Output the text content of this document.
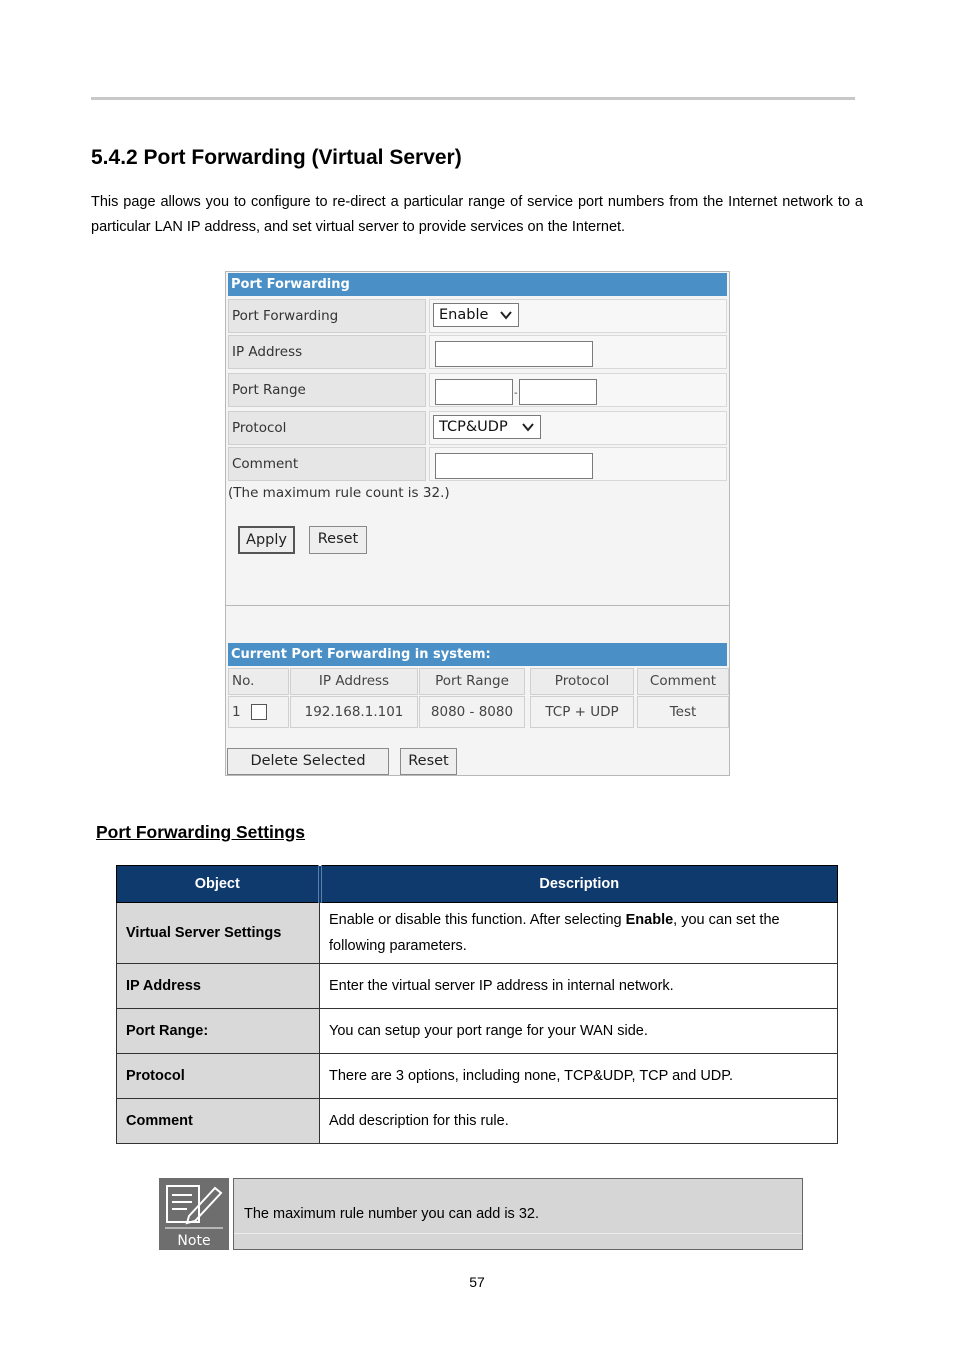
5.4.2 Port Forwarding (Virtual Server)

This page allows you to configure to re-direct a particular range of service port numbers from the Internet network to a particular LAN IP address, and set virtual server to provide services on the Internet.

Port Forwarding
Port Forwarding	Enable
IP Address
Port Range	-
Protocol	TCP&UDP
Comment
(The maximum rule count is 32.)
Apply	Reset
Current Port Forwarding in system:
No.	IP Address	Port Range	Protocol	Comment
1	192.168.1.101	8080 - 8080	TCP + UDP	Test
Delete Selected	Reset
Port Forwarding Settings
Object	Description
Virtual Server Settings	Enable or disable this function. After selecting Enable, you can set the following parameters.
IP Address	Enter the virtual server IP address in internal network.
Port Range:	You can setup your port range for your WAN side.
Protocol	There are 3 options, including none, TCP&UDP, TCP and UDP.
Comment	Add description for this rule.
Note
The maximum rule number you can add is 32.
57
